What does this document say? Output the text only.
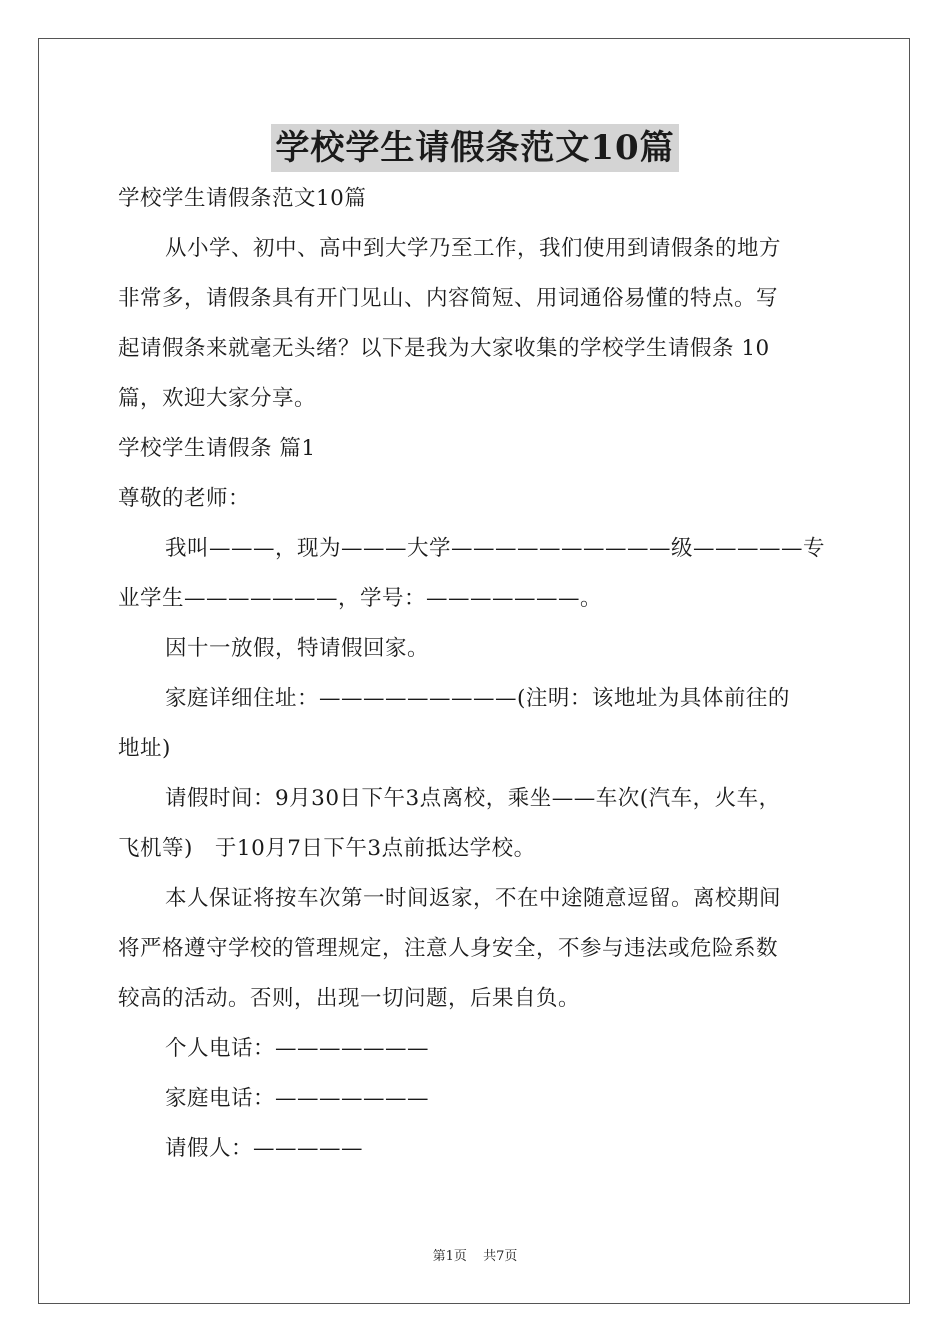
学校学生请假条范文10篇
学校学生请假条范文10篇
从小学、初中、高中到大学乃至工作，我们使用到请假条的地方
非常多，请假条具有开门见山、内容简短、用词通俗易懂的特点。写
起请假条来就毫无头绪？以下是我为大家收集的学校学生请假条 10
篇，欢迎大家分享。
学校学生请假条 篇1
尊敬的老师：
我叫———，现为———大学——————————级—————专
业学生———————，学号：———————。
因十一放假，特请假回家。
家庭详细住址：—————————(注明：该地址为具体前往的
地址)
请假时间：9月30日下午3点离校，乘坐——车次(汽车，火车，
飞机等)　于10月7日下午3点前抵达学校。
本人保证将按车次第一时间返家，不在中途随意逗留。离校期间
将严格遵守学校的管理规定，注意人身安全，不参与违法或危险系数
较高的活动。否则，出现一切问题，后果自负。
个人电话：———————
家庭电话：———————
请假人：—————
第1页 共7页
